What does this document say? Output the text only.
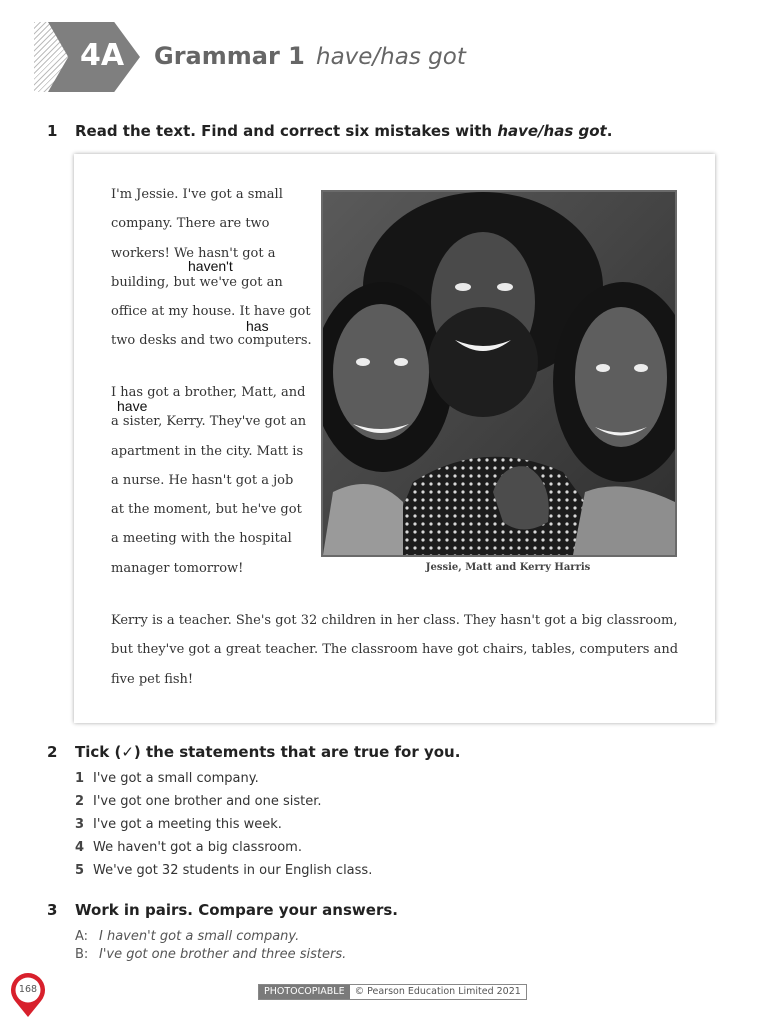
4A Grammar 1 have/has got
1 Read the text. Find and correct six mistakes with have/has got.
I'm Jessie. I've got a small
company. There are two
workers! We hasn't got a
building, but we've got an
office at my house. It have got
two desks and two computers.
I has got a brother, Matt, and
a sister, Kerry. They've got an
apartment in the city. Matt is
a nurse. He hasn't got a job
at the moment, but he've got
a meeting with the hospital
manager tomorrow!
Kerry is a teacher. She's got 32 children in her class. They hasn't got a big classroom,
but they've got a great teacher. The classroom have got chairs, tables, computers and
five pet fish!
haven't
has
have
Jessie, Matt and Kerry Harris
2 Tick (✓) the statements that are true for you.
1 I've got a small company.
2 I've got one brother and one sister.
3 I've got a meeting this week.
4 We haven't got a big classroom.
5 We've got 32 students in our English class.
3 Work in pairs. Compare your answers.
A: I haven't got a small company.
B: I've got one brother and three sisters.
168	PHOTOCOPIABLE	© Pearson Education Limited 2021
